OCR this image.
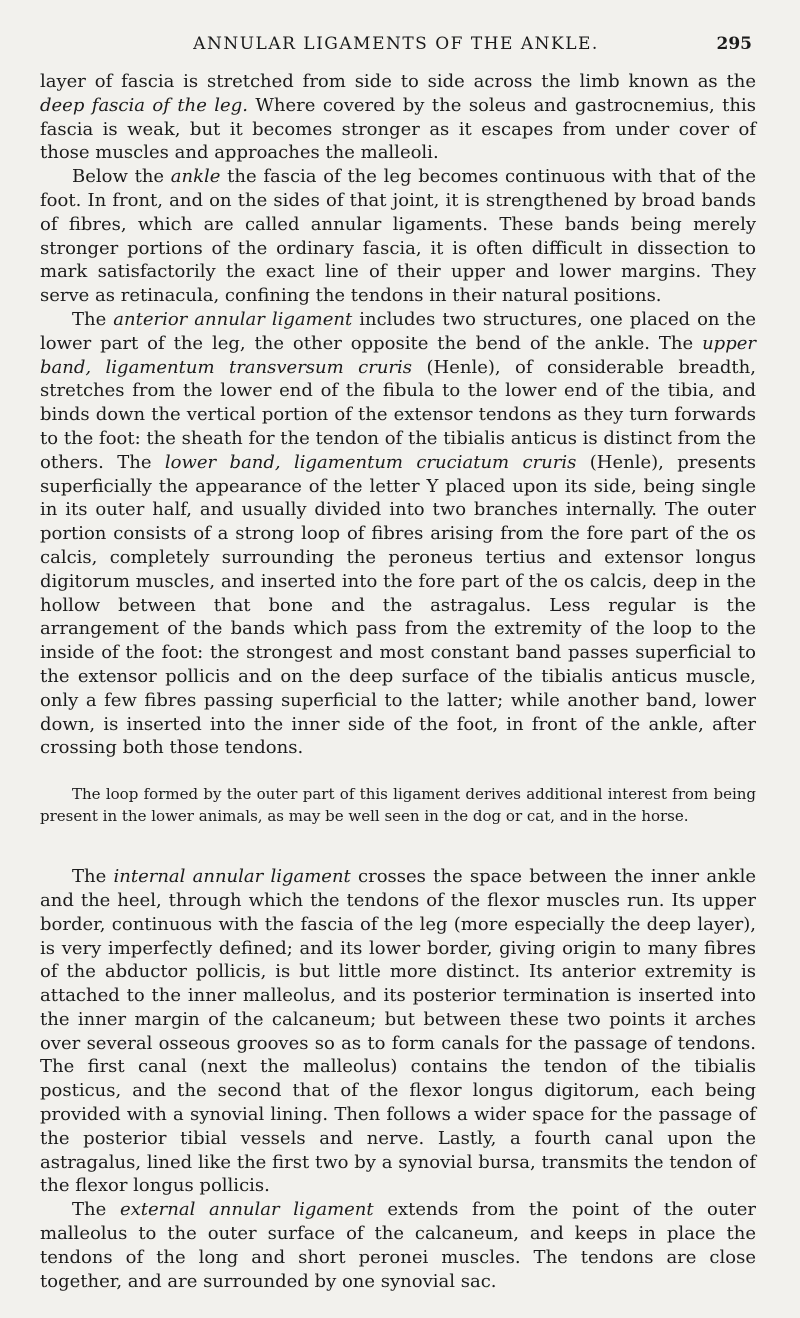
ANNULAR LIGAMENTS OF THE ANKLE.	295

layer of fascia is stretched from side to side across the limb known as the deep fascia of the leg. Where covered by the soleus and gastrocnemius, this fascia is weak, but it becomes stronger as it escapes from under cover of those muscles and approaches the malleoli.

Below the ankle the fascia of the leg becomes continuous with that of the foot. In front, and on the sides of that joint, it is strengthened by broad bands of fibres, which are called annular ligaments. These bands being merely stronger portions of the ordinary fascia, it is often difficult in dissection to mark satisfactorily the exact line of their upper and lower margins. They serve as retinacula, confining the tendons in their natural positions.

The anterior annular ligament includes two structures, one placed on the lower part of the leg, the other opposite the bend of the ankle. The upper band, ligamentum transversum cruris (Henle), of considerable breadth, stretches from the lower end of the fibula to the lower end of the tibia, and binds down the vertical portion of the extensor tendons as they turn forwards to the foot: the sheath for the tendon of the tibialis anticus is distinct from the others. The lower band, ligamentum cruciatum cruris (Henle), presents superficially the appearance of the letter Y placed upon its side, being single in its outer half, and usually divided into two branches internally. The outer portion consists of a strong loop of fibres arising from the fore part of the os calcis, completely surrounding the peroneus tertius and extensor longus digitorum muscles, and inserted into the fore part of the os calcis, deep in the hollow between that bone and the astragalus. Less regular is the arrangement of the bands which pass from the extremity of the loop to the inside of the foot: the strongest and most constant band passes superficial to the extensor pollicis and on the deep surface of the tibialis anticus muscle, only a few fibres passing superficial to the latter; while another band, lower down, is inserted into the inner side of the foot, in front of the ankle, after crossing both those tendons.

The loop formed by the outer part of this ligament derives additional interest from being present in the lower animals, as may be well seen in the dog or cat, and in the horse.

The internal annular ligament crosses the space between the inner ankle and the heel, through which the tendons of the flexor muscles run. Its upper border, continuous with the fascia of the leg (more especially the deep layer), is very imperfectly defined; and its lower border, giving origin to many fibres of the abductor pollicis, is but little more distinct. Its anterior extremity is attached to the inner malleolus, and its posterior termination is inserted into the inner margin of the calcaneum; but between these two points it arches over several osseous grooves so as to form canals for the passage of tendons. The first canal (next the malleolus) contains the tendon of the tibialis posticus, and the second that of the flexor longus digitorum, each being provided with a synovial lining. Then follows a wider space for the passage of the posterior tibial vessels and nerve. Lastly, a fourth canal upon the astragalus, lined like the first two by a synovial bursa, transmits the tendon of the flexor longus pollicis.

The external annular ligament extends from the point of the outer malleolus to the outer surface of the calcaneum, and keeps in place the tendons of the long and short peronei muscles. The tendons are close together, and are surrounded by one synovial sac.
